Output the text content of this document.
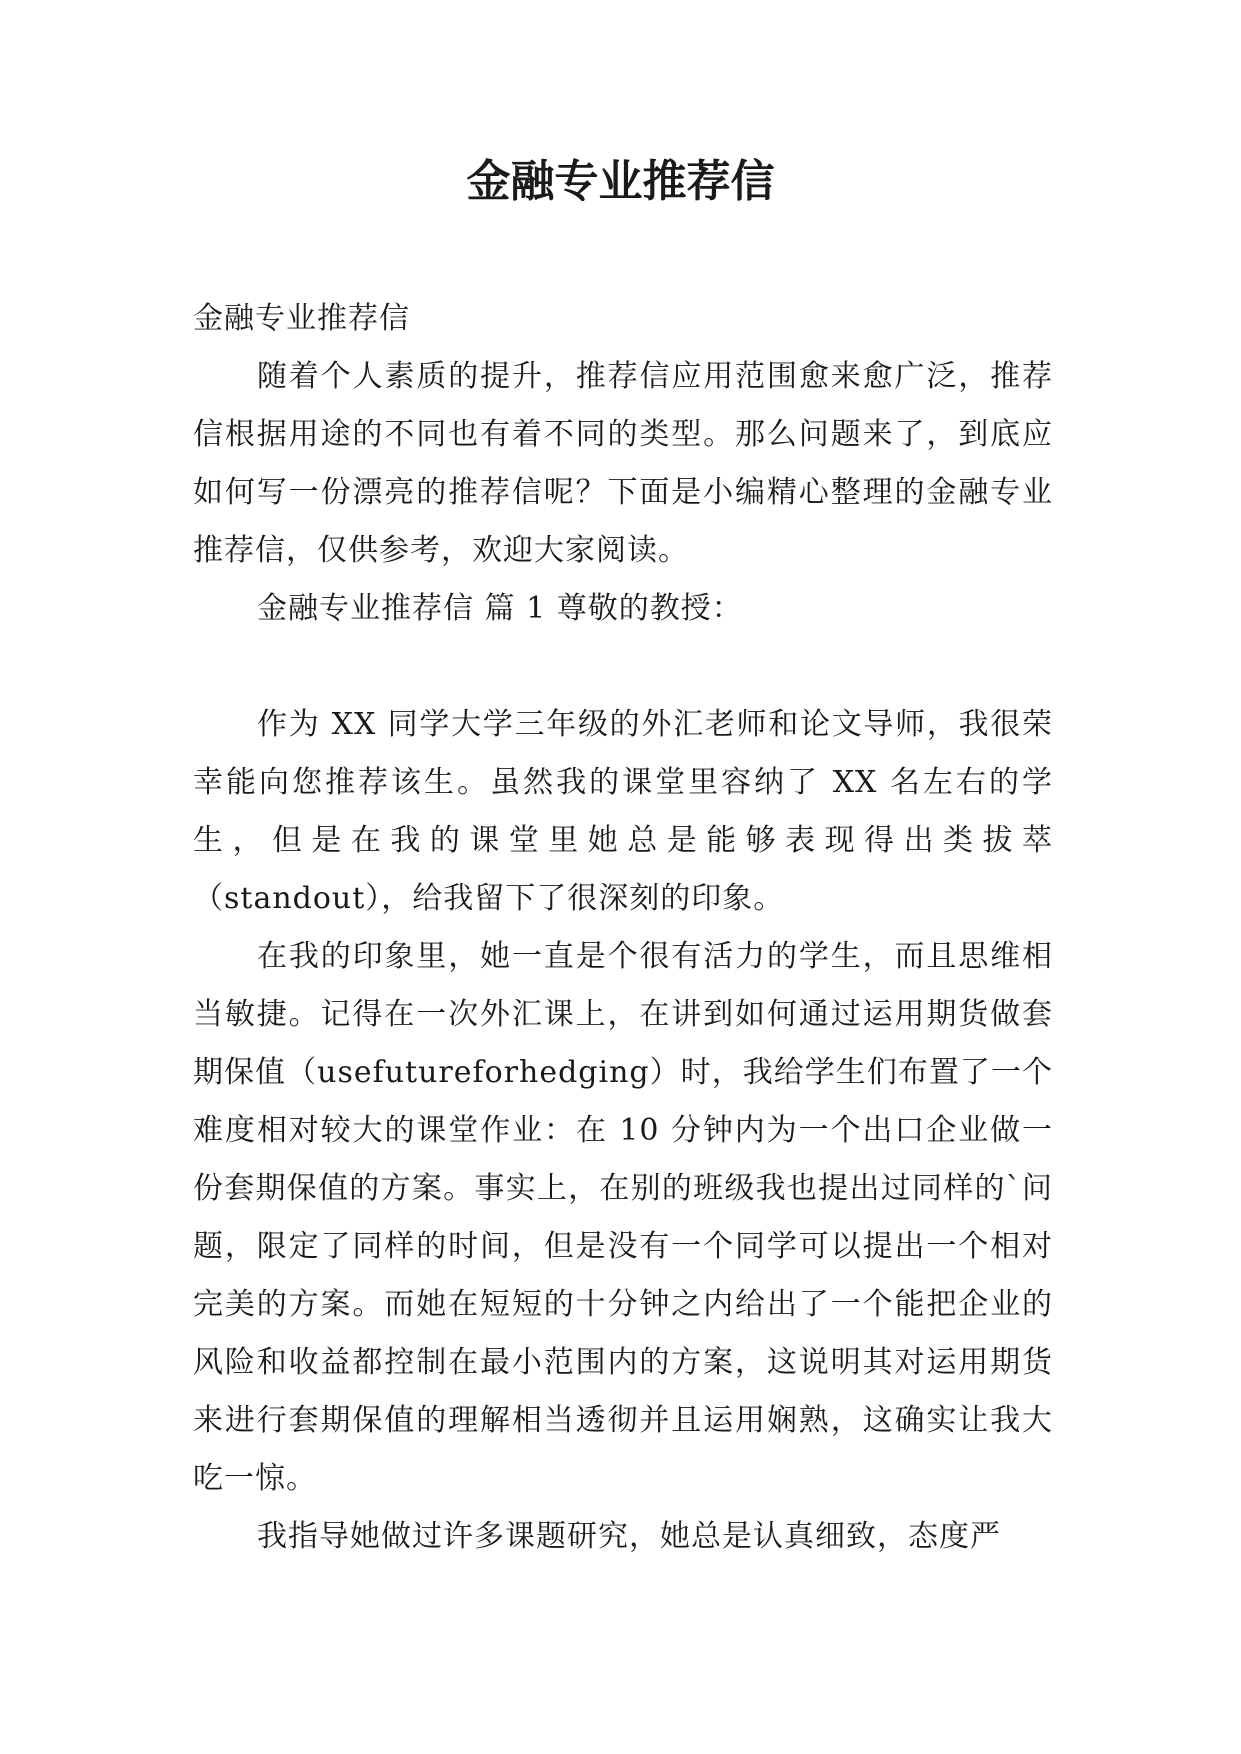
金融专业推荐信

金融专业推荐信

随着个人素质的提升，推荐信应用范围愈来愈广泛，推荐信根据用途的不同也有着不同的类型。那么问题来了，到底应如何写一份漂亮的推荐信呢？下面是小编精心整理的金融专业推荐信，仅供参考，欢迎大家阅读。

金融专业推荐信 篇 1 尊敬的教授：

作为 XX 同学大学三年级的外汇老师和论文导师，我很荣幸能向您推荐该生。虽然我的课堂里容纳了 XX 名左右的学生，但是在我的课堂里她总是能够表现得出类拔萃（standout），给我留下了很深刻的印象。

在我的印象里，她一直是个很有活力的学生，而且思维相当敏捷。记得在一次外汇课上，在讲到如何通过运用期货做套期保值（usefutureforhedging）时，我给学生们布置了一个难度相对较大的课堂作业：在 10 分钟内为一个出口企业做一份套期保值的方案。事实上，在别的班级我也提出过同样的`问题，限定了同样的时间，但是没有一个同学可以提出一个相对完美的方案。而她在短短的十分钟之内给出了一个能把企业的风险和收益都控制在最小范围内的方案，这说明其对运用期货来进行套期保值的理解相当透彻并且运用娴熟，这确实让我大吃一惊。

我指导她做过许多课题研究，她总是认真细致，态度严
